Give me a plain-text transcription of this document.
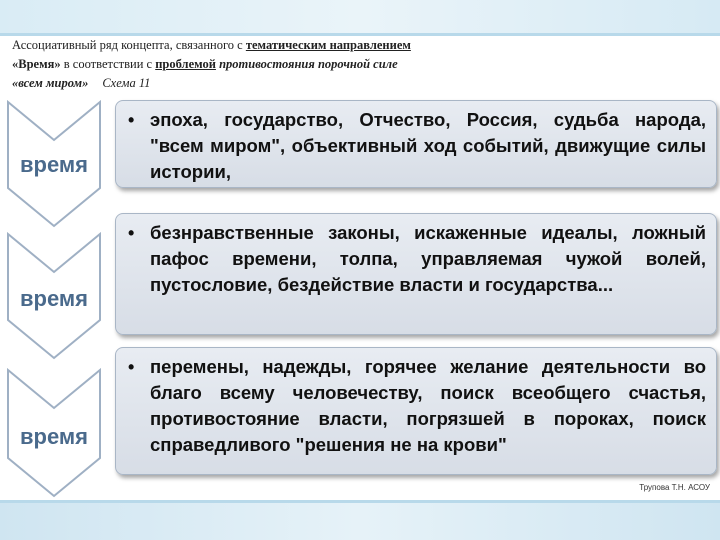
Ассоциативный ряд концепта, связанного с тематическим направлением
«Время» в соответствии с проблемой противостояния порочной силе
«всем миром» Схема 11
время
• эпоха, государство, Отчество, Россия, судьба народа, "всем миром", объективный ход событий, движущие силы истории,
время
• безнравственные законы, искаженные идеалы, ложный пафос времени, толпа, управляемая чужой волей, пустословие, бездействие власти и государства...
время
• перемены, надежды, горячее желание деятельности во благо всему человечеству, поиск всеобщего счастья, противостояние власти, погрязшей в пороках, поиск справедливого "решения не на крови"
Трупова Т.Н. АСОУ
